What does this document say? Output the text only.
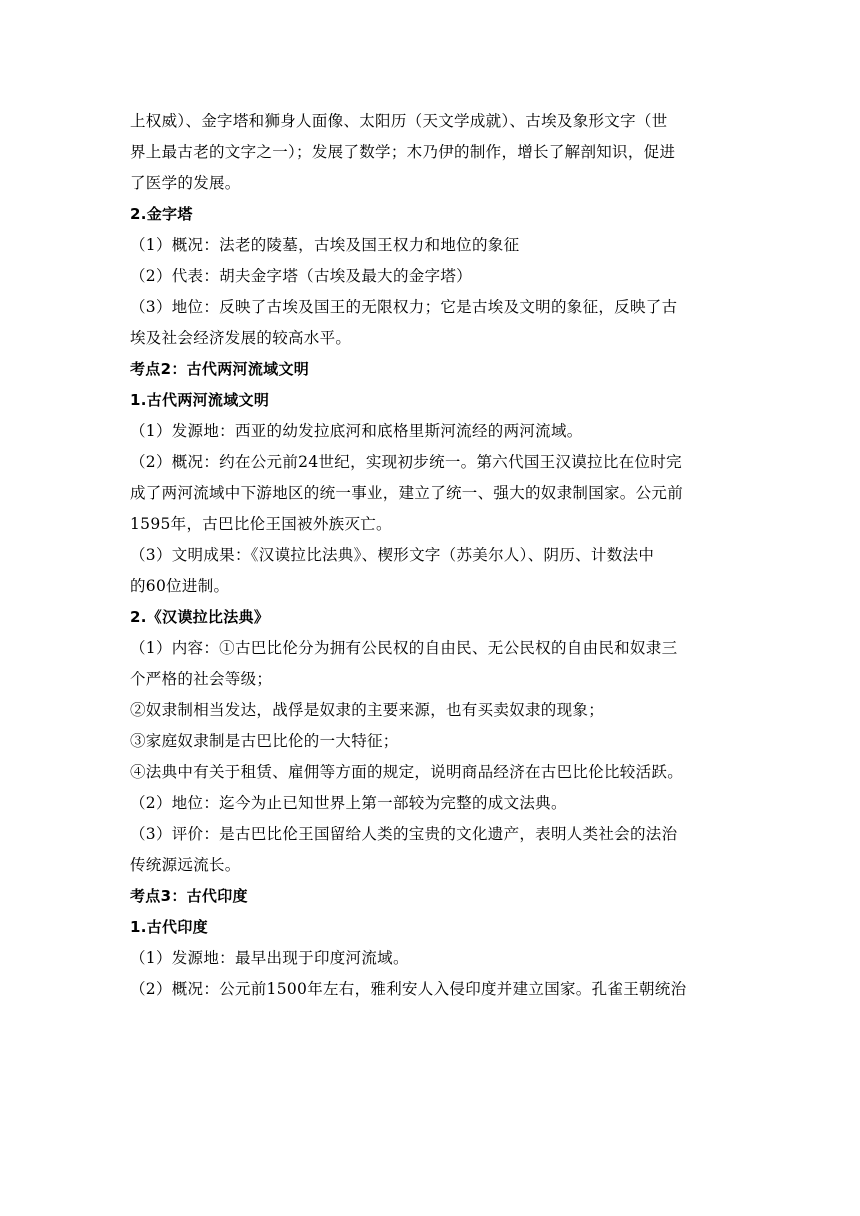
上权威）、金字塔和狮身人面像、太阳历（天文学成就）、古埃及象形文字（世
界上最古老的文字之一）；发展了数学；木乃伊的制作，增长了解剖知识，促进
了医学的发展。
2.金字塔
（1）概况：法老的陵墓，古埃及国王权力和地位的象征
（2）代表：胡夫金字塔（古埃及最大的金字塔）
（3）地位：反映了古埃及国王的无限权力；它是古埃及文明的象征，反映了古
埃及社会经济发展的较高水平。
考点2：古代两河流域文明
1.古代两河流域文明
（1）发源地：西亚的幼发拉底河和底格里斯河流经的两河流域。
（2）概况：约在公元前24世纪，实现初步统一。第六代国王汉谟拉比在位时完
成了两河流域中下游地区的统一事业，建立了统一、强大的奴隶制国家。公元前
1595年，古巴比伦王国被外族灭亡。
（3）文明成果：《汉谟拉比法典》、楔形文字（苏美尔人）、阴历、计数法中
的60位进制。
2.《汉谟拉比法典》
（1）内容：①古巴比伦分为拥有公民权的自由民、无公民权的自由民和奴隶三
个严格的社会等级；
②奴隶制相当发达，战俘是奴隶的主要来源，也有买卖奴隶的现象；
③家庭奴隶制是古巴比伦的一大特征；
④法典中有关于租赁、雇佣等方面的规定，说明商品经济在古巴比伦比较活跃。
（2）地位：迄今为止已知世界上第一部较为完整的成文法典。
（3）评价：是古巴比伦王国留给人类的宝贵的文化遗产，表明人类社会的法治
传统源远流长。
考点3：古代印度
1.古代印度
（1）发源地：最早出现于印度河流域。
（2）概况：公元前1500年左右，雅利安人入侵印度并建立国家。孔雀王朝统治
